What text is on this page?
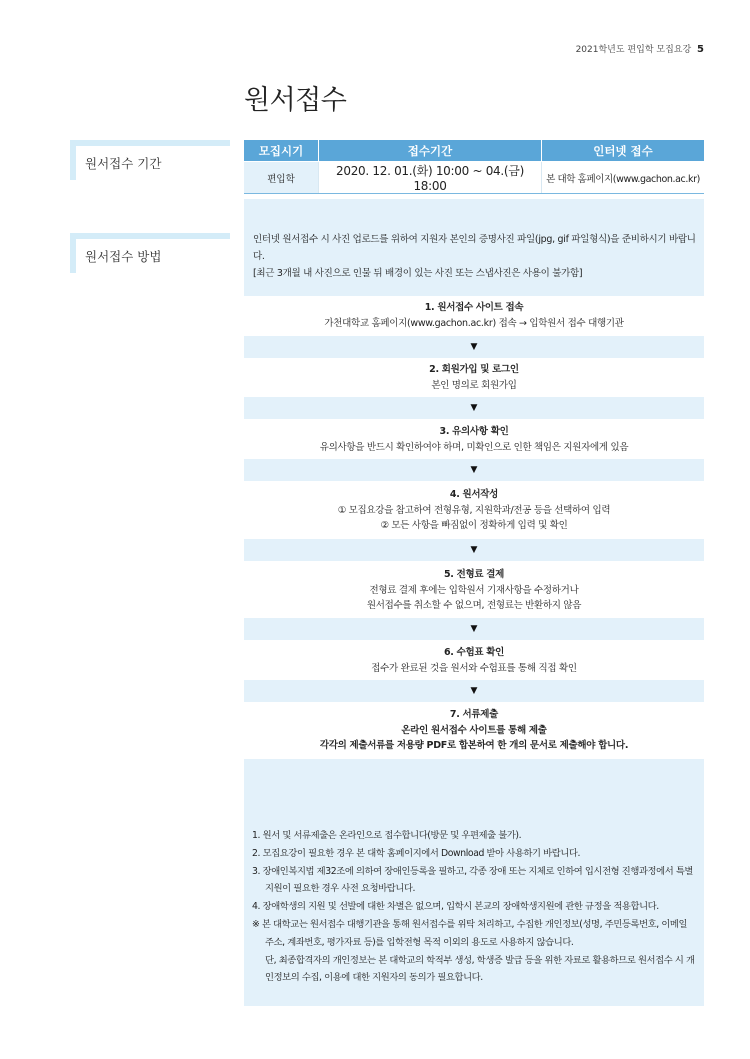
2021학년도 편입학 모집요강 5
원서접수
원서접수 기간
원서접수 방법
모집시기	접수기간	인터넷 접수
편입학	2020. 12. 01.(화) 10:00 ~ 04.(금) 18:00	본 대학 홈페이지(www.gachon.ac.kr)
인터넷 원서접수 시 사진 업로드를 위하여 지원자 본인의 증명사진 파일(jpg, gif 파일형식)을 준비하시기 바랍니다.
[최근 3개월 내 사진으로 인물 뒤 배경이 있는 사진 또는 스냅사진은 사용이 불가함]
1. 원서접수 사이트 접속
가천대학교 홈페이지(www.gachon.ac.kr) 접속 → 입학원서 접수 대행기관
▼
2. 회원가입 및 로그인
본인 명의로 회원가입
▼
3. 유의사항 확인
유의사항을 반드시 확인하여야 하며, 미확인으로 인한 책임은 지원자에게 있음
▼
4. 원서작성
① 모집요강을 참고하여 전형유형, 지원학과/전공 등을 선택하여 입력
② 모든 사항을 빠짐없이 정확하게 입력 및 확인
▼
5. 전형료 결제
전형료 결제 후에는 입학원서 기재사항을 수정하거나
원서접수를 취소할 수 없으며, 전형료는 반환하지 않음
▼
6. 수험표 확인
접수가 완료된 것을 원서와 수험표를 통해 직접 확인
▼
7. 서류제출
온라인 원서접수 사이트를 통해 제출
각각의 제출서류를 저용량 PDF로 합본하여 한 개의 문서로 제출해야 합니다.
1. 원서 및 서류제출은 온라인으로 접수합니다(방문 및 우편제출 불가).
2. 모집요강이 필요한 경우 본 대학 홈페이지에서 Download 받아 사용하기 바랍니다.
3. 장애인복지법 제32조에 의하여 장애인등록을 필하고, 각종 장애 또는 지체로 인하여 입시전형 진행과정에서 특별 지원이 필요한 경우 사전 요청바랍니다.
4. 장애학생의 지원 및 선발에 대한 차별은 없으며, 입학시 본교의 장애학생지원에 관한 규정을 적용합니다.
※ 본 대학교는 원서접수 대행기관을 통해 원서접수를 위탁 처리하고, 수집한 개인정보(성명, 주민등록번호, 이메일 주소, 계좌번호, 평가자료 등)를 입학전형 목적 이외의 용도로 사용하지 않습니다.
단, 최종합격자의 개인정보는 본 대학교의 학적부 생성, 학생증 발급 등을 위한 자료로 활용하므로 원서접수 시 개인정보의 수집, 이용에 대한 지원자의 동의가 필요합니다.
